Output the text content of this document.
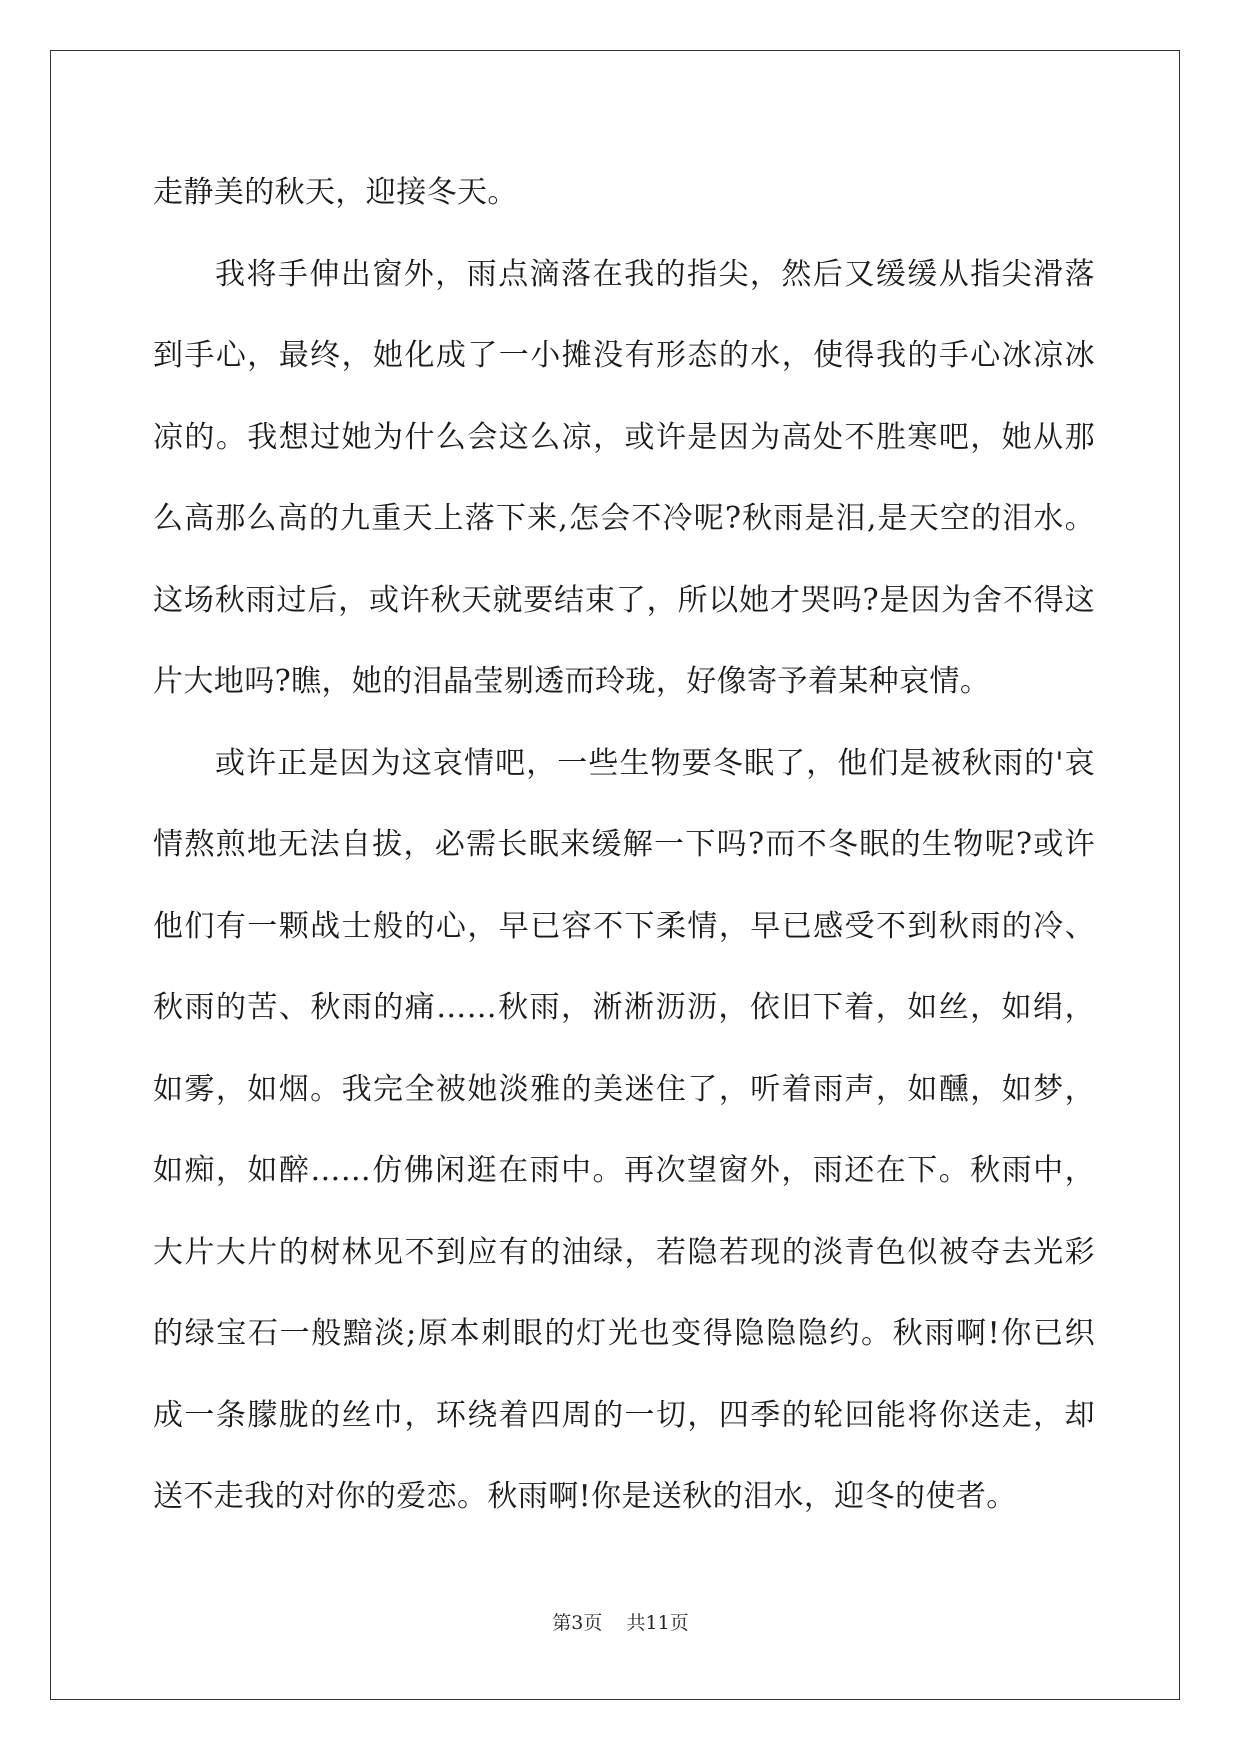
走静美的秋天，迎接冬天。
我将手伸出窗外，雨点滴落在我的指尖，然后又缓缓从指尖滑落
到手心，最终，她化成了一小摊没有形态的水，使得我的手心冰凉冰
凉的。我想过她为什么会这么凉，或许是因为高处不胜寒吧，她从那
么高那么高的九重天上落下来,怎会不冷呢?秋雨是泪,是天空的泪水。
这场秋雨过后，或许秋天就要结束了，所以她才哭吗?是因为舍不得这
片大地吗?瞧，她的泪晶莹剔透而玲珑，好像寄予着某种哀情。
或许正是因为这哀情吧，一些生物要冬眠了，他们是被秋雨的'哀
情熬煎地无法自拔，必需长眠来缓解一下吗?而不冬眠的生物呢?或许
他们有一颗战士般的心，早已容不下柔情，早已感受不到秋雨的冷、
秋雨的苦、秋雨的痛……秋雨，淅淅沥沥，依旧下着，如丝，如绢，
如雾，如烟。我完全被她淡雅的美迷住了，听着雨声，如醺，如梦，
如痴，如醉……仿佛闲逛在雨中。再次望窗外，雨还在下。秋雨中，
大片大片的树林见不到应有的油绿，若隐若现的淡青色似被夺去光彩
的绿宝石一般黯淡;原本刺眼的灯光也变得隐隐隐约。秋雨啊!你已织
成一条朦胧的丝巾，环绕着四周的一切，四季的轮回能将你送走，却
送不走我的对你的爱恋。秋雨啊!你是送秋的泪水，迎冬的使者。
第3页 共11页
